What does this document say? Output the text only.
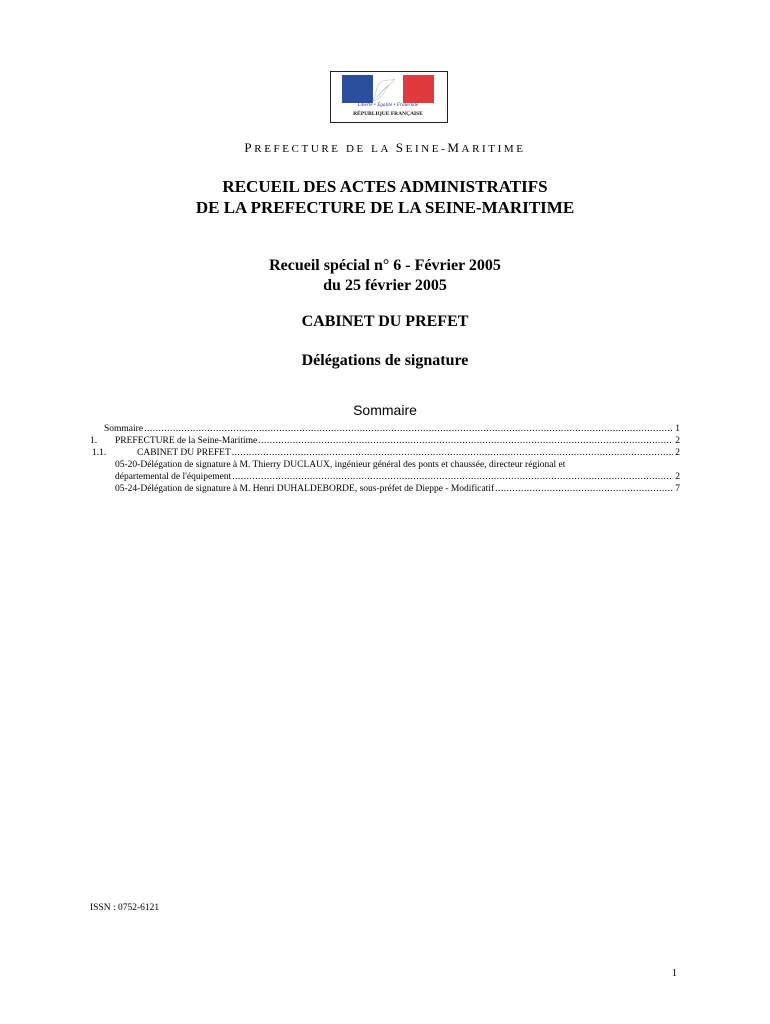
Liberté • Égalité • Fraternité
RÉPUBLIQUE FRANÇAISE
PREFECTURE DE LA SEINE-MARITIME
RECUEIL DES ACTES ADMINISTRATIFS
DE LA PREFECTURE DE LA SEINE-MARITIME
Recueil spécial n° 6 - Février 2005
du 25 février 2005
CABINET DU PREFET
Délégations de signature
Sommaire
Sommaire .....	1
1.	PREFECTURE de la Seine-Maritime .....	2
1.1.	CABINET DU PREFET .....	2
05-20-Délégation de signature à M. Thierry DUCLAUX, ingénieur général des ponts et chaussée, directeur régional et
départemental de l'équipement .....	2
05-24-Délégation de signature à M. Henri DUHALDEBORDE, sous-préfet de Dieppe - Modificatif .....	7
ISSN : 0752-6121
1
